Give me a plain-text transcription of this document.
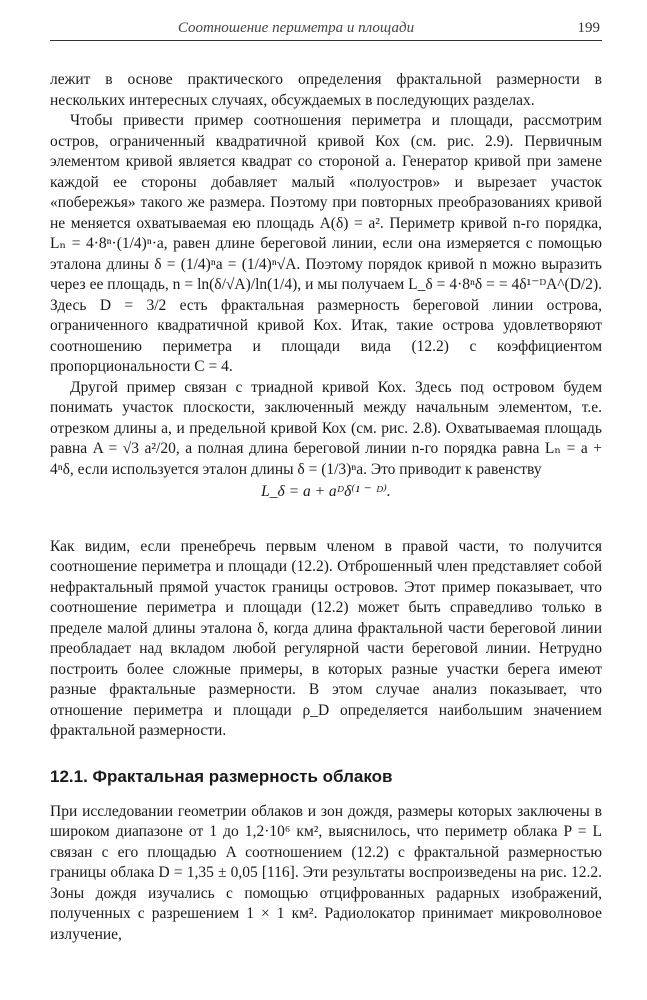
Соотношение периметра и площади	199

лежит в основе практического определения фрактальной размерности в нескольких интересных случаях, обсуждаемых в последующих разделах.

Чтобы привести пример соотношения периметра и площади, рассмотрим остров, ограниченный квадратичной кривой Кох (см. рис. 2.9). Первичным элементом кривой является квадрат со стороной a. Генератор кривой при замене каждой ее стороны добавляет малый «полуостров» и вырезает участок «побережья» такого же размера. Поэтому при повторных преобразованиях кривой не меняется охватываемая ею площадь A(δ) = a². Периметр кривой n-го порядка, Lₙ = 4·8ⁿ·(1/4)ⁿ·a, равен длине береговой линии, если она измеряется с помощью эталона длины δ = (1/4)ⁿa = (1/4)ⁿ√A. Поэтому порядок кривой n можно выразить через ее площадь, n = ln(δ/√A)/ln(1/4), и мы получаем L_δ = 4·8ⁿδ = = 4δ¹⁻ᴰA^(D/2). Здесь D = 3/2 есть фрактальная размерность береговой линии острова, ограниченного квадратичной кривой Кох. Итак, такие острова удовлетворяют соотношению периметра и площади вида (12.2) с коэффициентом пропорциональности C = 4.

Другой пример связан с триадной кривой Кох. Здесь под островом будем понимать участок плоскости, заключенный между начальным элементом, т.е. отрезком длины a, и предельной кривой Кох (см. рис. 2.8). Охватываемая площадь равна A = √3 a²/20, а полная длина береговой линии n-го порядка равна Lₙ = a + 4ⁿδ, если используется эталон длины δ = (1/3)ⁿa. Это приводит к равенству

L_δ = a + aᴰδ⁽¹ ⁻ ᴰ⁾.

Как видим, если пренебречь первым членом в правой части, то получится соотношение периметра и площади (12.2). Отброшенный член представляет собой нефрактальный прямой участок границы островов. Этот пример показывает, что соотношение периметра и площади (12.2) может быть справедливо только в пределе малой длины эталона δ, когда длина фрактальной части береговой линии преобладает над вкладом любой регулярной части береговой линии. Нетрудно построить более сложные примеры, в которых разные участки берега имеют разные фрактальные размерности. В этом случае анализ показывает, что отношение периметра и площади ρ_D определяется наибольшим значением фрактальной размерности.

12.1. Фрактальная размерность облаков

При исследовании геометрии облаков и зон дождя, размеры которых заключены в широком диапазоне от 1 до 1,2·10⁶ км², выяснилось, что периметр облака P = L связан с его площадью A соотношением (12.2) с фрактальной размерностью границы облака D = 1,35 ± 0,05 [116]. Эти результаты воспроизведены на рис. 12.2. Зоны дождя изучались с помощью отцифрованных радарных изображений, полученных с разрешением 1 × 1 км². Радиолокатор принимает микроволновое излучение,
